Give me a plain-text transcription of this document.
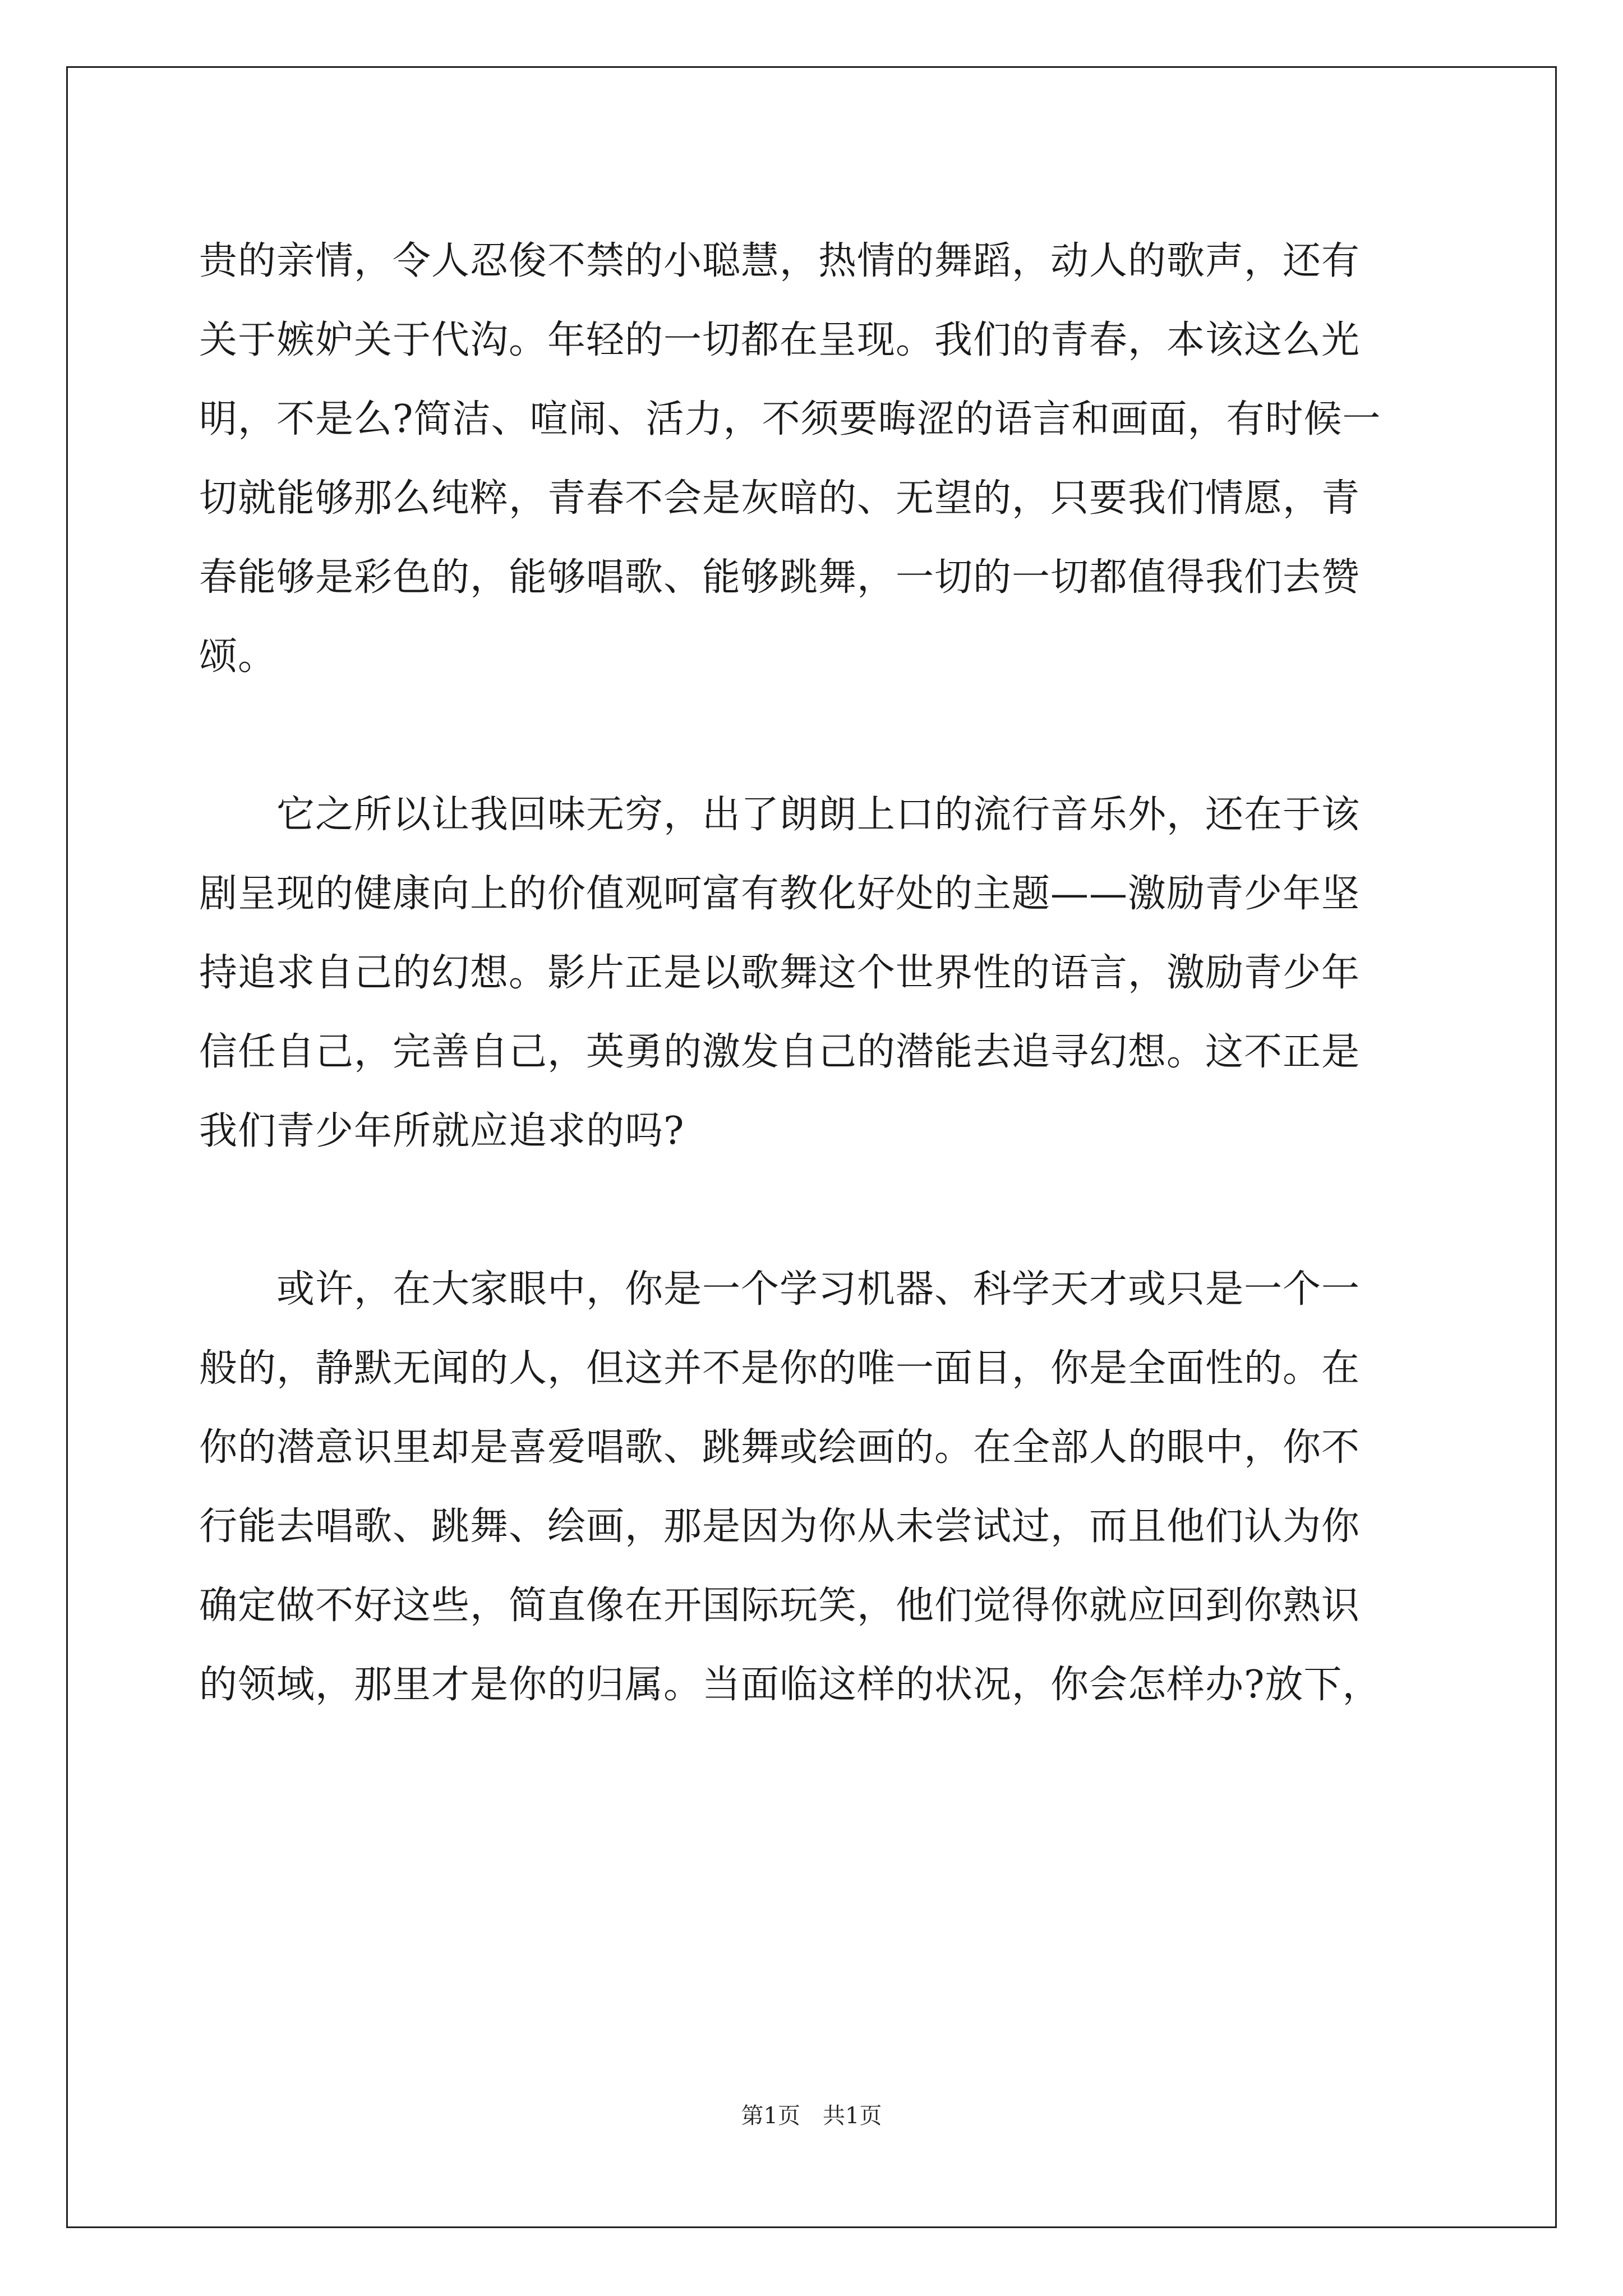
贵的亲情，令人忍俊不禁的小聪慧，热情的舞蹈，动人的歌声，还有
关于嫉妒关于代沟。年轻的一切都在呈现。我们的青春，本该这么光
明，不是么?简洁、喧闹、活力，不须要晦涩的语言和画面，有时候一
切就能够那么纯粹，青春不会是灰暗的、无望的，只要我们情愿，青
春能够是彩色的，能够唱歌、能够跳舞，一切的一切都值得我们去赞
颂。
　　它之所以让我回味无穷，出了朗朗上口的流行音乐外，还在于该
剧呈现的健康向上的价值观呵富有教化好处的主题——激励青少年坚
持追求自己的幻想。影片正是以歌舞这个世界性的语言，激励青少年
信任自己，完善自己，英勇的激发自己的潜能去追寻幻想。这不正是
我们青少年所就应追求的吗?
　　或许，在大家眼中，你是一个学习机器、科学天才或只是一个一
般的，静默无闻的人，但这并不是你的唯一面目，你是全面性的。在
你的潜意识里却是喜爱唱歌、跳舞或绘画的。在全部人的眼中，你不
行能去唱歌、跳舞、绘画，那是因为你从未尝试过，而且他们认为你
确定做不好这些，简直像在开国际玩笑，他们觉得你就应回到你熟识
的领域，那里才是你的归属。当面临这样的状况，你会怎样办?放下，
第1页　共1页
